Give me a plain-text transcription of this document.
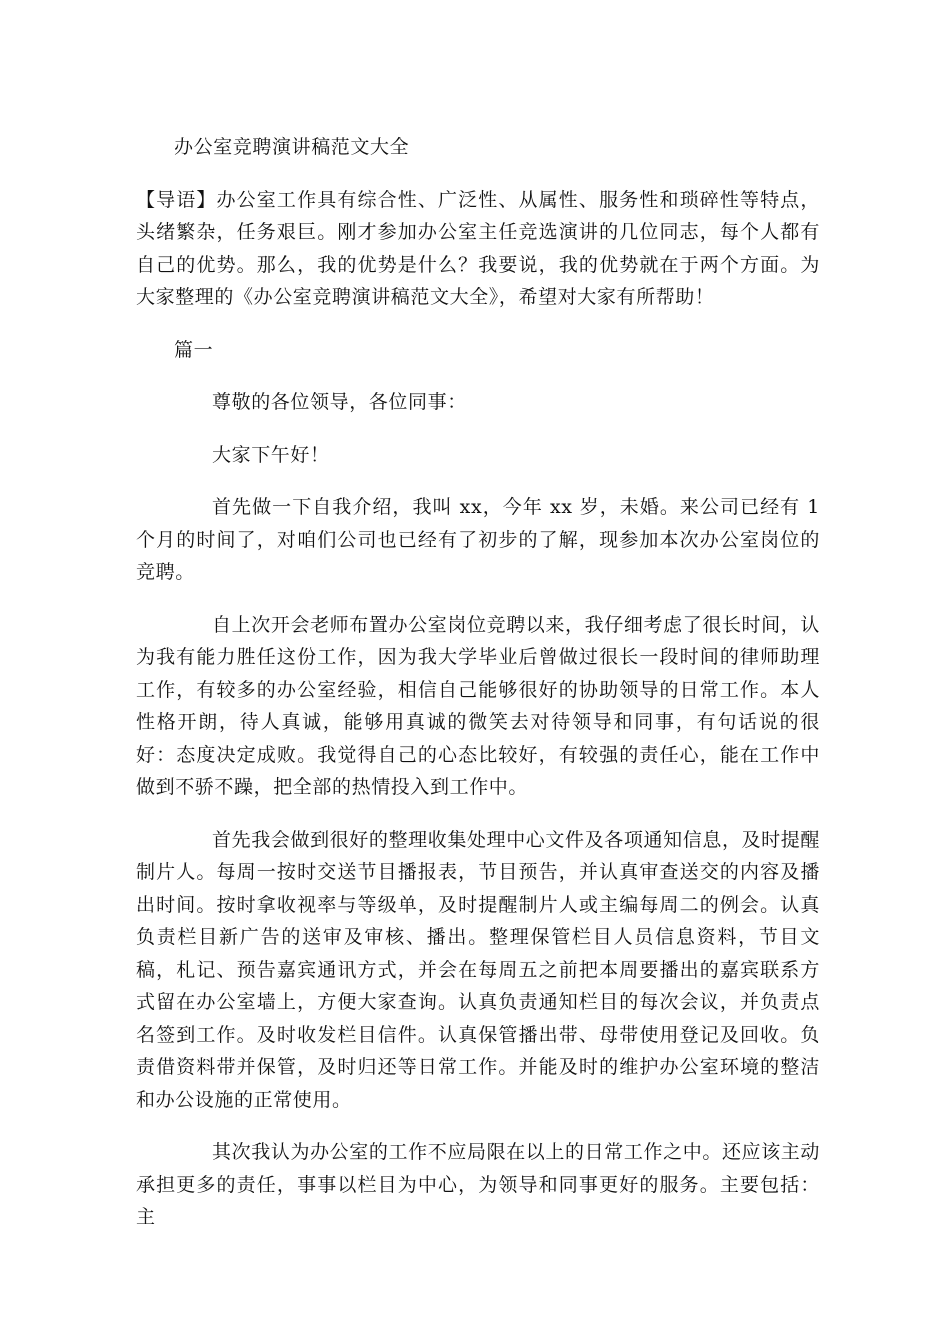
办公室竞聘演讲稿范文大全

【导语】办公室工作具有综合性、广泛性、从属性、服务性和琐碎性等特点，头绪繁杂，任务艰巨。刚才参加办公室主任竞选演讲的几位同志，每个人都有自己的优势。那么，我的优势是什么？我要说，我的优势就在于两个方面。为大家整理的《办公室竞聘演讲稿范文大全》，希望对大家有所帮助！

篇一

尊敬的各位领导，各位同事：

大家下午好！

首先做一下自我介绍，我叫 xx，今年 xx 岁，未婚。来公司已经有 1 个月的时间了，对咱们公司也已经有了初步的了解，现参加本次办公室岗位的竞聘。

自上次开会老师布置办公室岗位竞聘以来，我仔细考虑了很长时间，认为我有能力胜任这份工作，因为我大学毕业后曾做过很长一段时间的律师助理工作，有较多的办公室经验，相信自己能够很好的协助领导的日常工作。本人性格开朗，待人真诚，能够用真诚的微笑去对待领导和同事，有句话说的很好：态度决定成败。我觉得自己的心态比较好，有较强的责任心，能在工作中做到不骄不躁，把全部的热情投入到工作中。

首先我会做到很好的整理收集处理中心文件及各项通知信息，及时提醒制片人。每周一按时交送节目播报表，节目预告，并认真审查送交的内容及播出时间。按时拿收视率与等级单，及时提醒制片人或主编每周二的例会。认真负责栏目新广告的送审及审核、播出。整理保管栏目人员信息资料，节目文稿，札记、预告嘉宾通讯方式，并会在每周五之前把本周要播出的嘉宾联系方式留在办公室墙上，方便大家查询。认真负责通知栏目的每次会议，并负责点名签到工作。及时收发栏目信件。认真保管播出带、母带使用登记及回收。负责借资料带并保管，及时归还等日常工作。并能及时的维护办公室环境的整洁和办公设施的正常使用。

其次我认为办公室的工作不应局限在以上的日常工作之中。还应该主动承担更多的责任，事事以栏目为中心，为领导和同事更好的服务。主要包括：主
